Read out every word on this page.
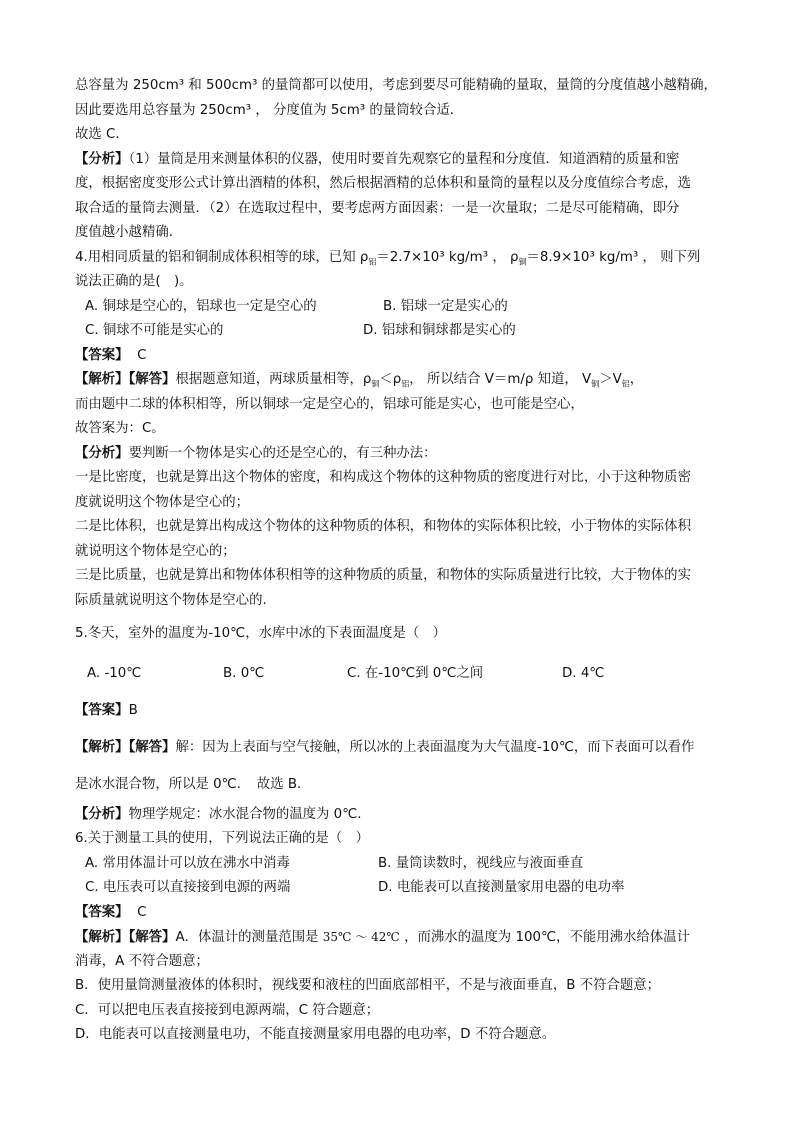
总容量为 250cm³ 和 500cm³ 的量筒都可以使用，考虑到要尽可能精确的量取，量筒的分度值越小越精确，
因此要选用总容量为 250cm³ ， 分度值为 5cm³ 的量筒较合适．
故选 C．
【分析】（1）量筒是用来测量体积的仪器，使用时要首先观察它的量程和分度值．知道酒精的质量和密
度，根据密度变形公式计算出酒精的体积，然后根据酒精的总体积和量筒的量程以及分度值综合考虑，选
取合适的量筒去测量．（2）在选取过程中，要考虑两方面因素：一是一次量取；二是尽可能精确，即分
度值越小越精确．
4.用相同质量的铝和铜制成体积相等的球，已知 $\rho_铝=2.7\times 10^3$ kg/m³ ， $\rho_铜=8.9\times 10^3$ kg/m³ ， 则下列
说法正确的是(　)。
A. 铜球是空心的，铝球也一定是空心的	B. 铝球一定是实心的
C. 铜球不可能是实心的	D. 铝球和铜球都是实心的
【答案】 C
【解析】【解答】根据题意知道，两球质量相等，$\rho_铜<\rho_铝$， 所以结合 V＝m/ρ 知道， $V_铜>V_铝$，
而由题中二球的体积相等，所以铜球一定是空心的，铝球可能是实心，也可能是空心，
故答案为：C。
【分析】要判断一个物体是实心的还是空心的，有三种办法：
一是比密度，也就是算出这个物体的密度，和构成这个物体的这种物质的密度进行对比，小于这种物质密
度就说明这个物体是空心的；
二是比体积，也就是算出构成这个物体的这种物质的体积，和物体的实际体积比较，小于物体的实际体积
就说明这个物体是空心的；
三是比质量，也就是算出和物体体积相等的这种物质的质量，和物体的实际质量进行比较，大于物体的实
际质量就说明这个物体是空心的.
5.冬天，室外的温度为-10℃，水库中冰的下表面温度是（　）
A. -10℃	B. 0℃	C. 在-10℃到 0℃之间	D. 4℃
【答案】B
【解析】【解答】解：因为上表面与空气接触，所以冰的上表面温度为大气温度-10℃，而下表面可以看作
是冰水混合物，所以是 0℃．　故选 B．
【分析】物理学规定：冰水混合物的温度为 0℃．
6.关于测量工具的使用，下列说法正确的是（　）
A. 常用体温计可以放在沸水中消毒	B. 量筒读数时，视线应与液面垂直
C. 电压表可以直接接到电源的两端	D. 电能表可以直接测量家用电器的电功率
【答案】 C
【解析】【解答】A．体温计的测量范围是 35℃ ～ 42℃ ，而沸水的温度为 100℃，不能用沸水给体温计
消毒，A 不符合题意；
B．使用量筒测量液体的体积时，视线要和液柱的凹面底部相平，不是与液面垂直，B 不符合题意；
C．可以把电压表直接接到电源两端，C 符合题意；
D．电能表可以直接测量电功，不能直接测量家用电器的电功率，D 不符合题意。
